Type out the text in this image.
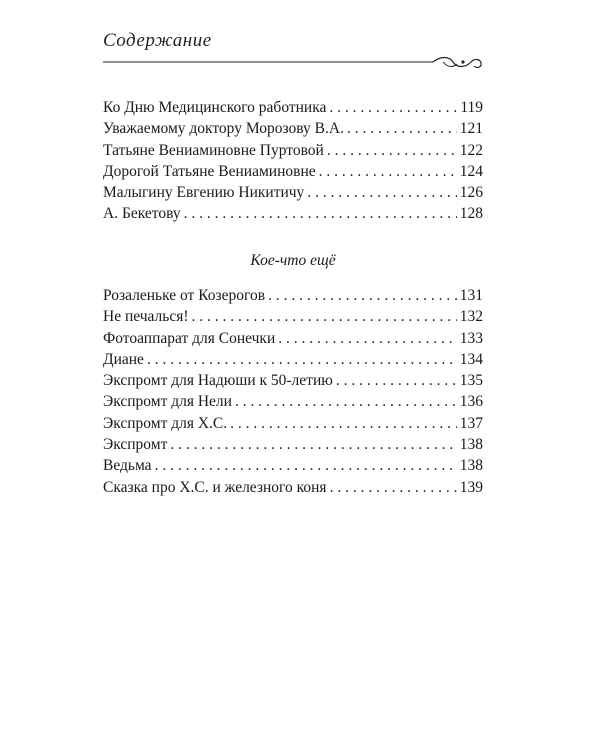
Содержание
Ко Дню Медицинского работника . . .	119
Уважаемому доктору Морозову В.А. . . .	121
Татьяне Вениаминовне Пуртовой . . .	122
Дорогой Татьяне Вениаминовне . . .	124
Малыгину Евгению Никитичу . . .	126
А. Бекетову . . .	128
Кое-что ещё
Розаленьке от Козерогов . . .	131
Не печалься! . . .	132
Фотоаппарат для Сонечки . . .	133
Диане . . .	134
Экспромт для Надюши к 50-летию . . .	135
Экспромт для Нели . . .	136
Экспромт для Х.С. . . .	137
Экспромт . . .	138
Ведьма . . .	138
Сказка про Х.С. и железного коня . . .	139
